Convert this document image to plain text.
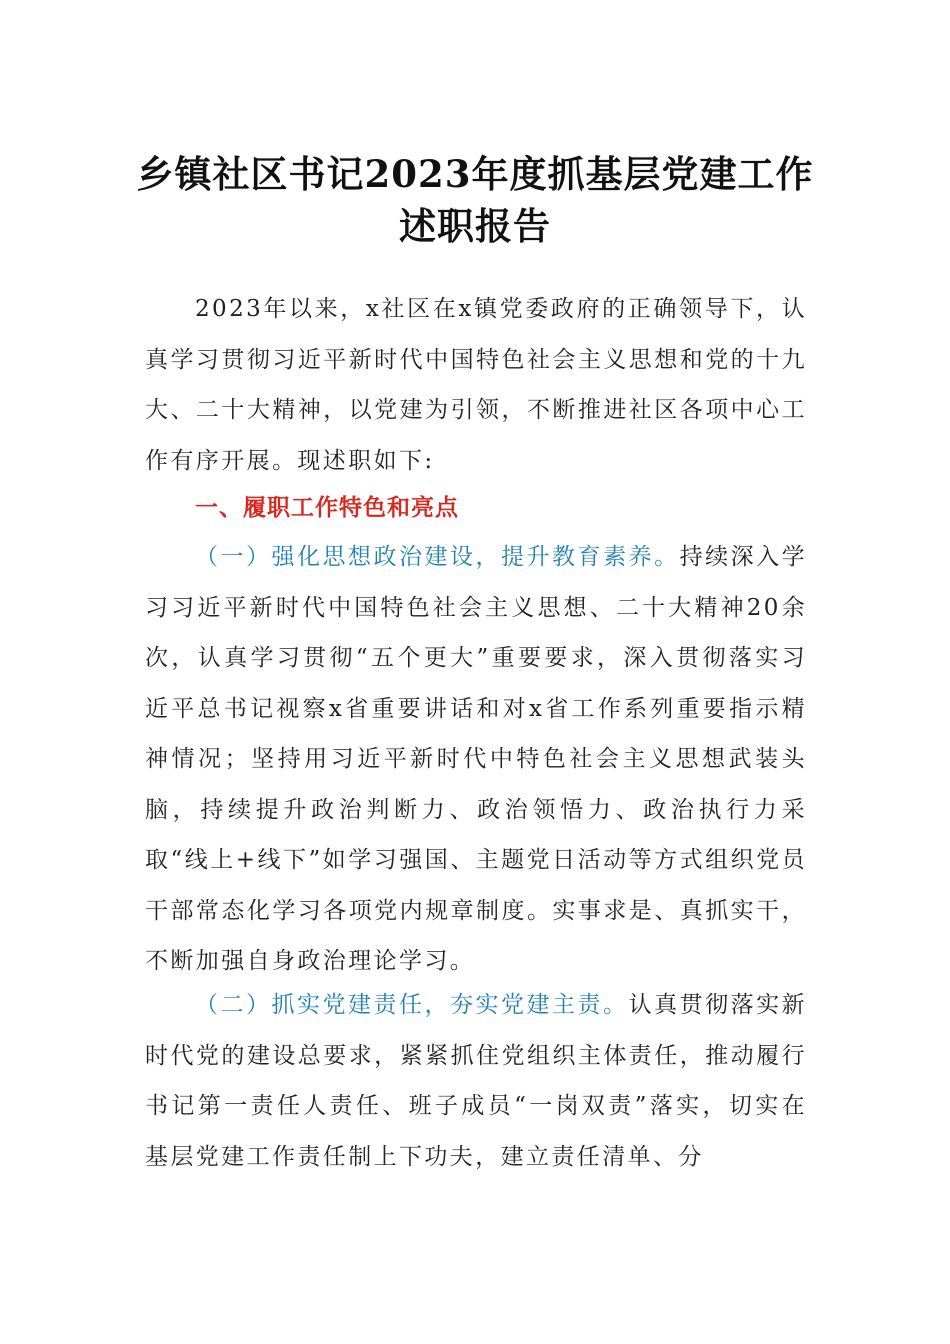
乡镇社区书记2023年度抓基层党建工作述职报告

2023年以来，x社区在x镇党委政府的正确领导下，认真学习贯彻习近平新时代中国特色社会主义思想和党的十九大、二十大精神，以党建为引领，不断推进社区各项中心工作有序开展。现述职如下:

一、履职工作特色和亮点

（一）强化思想政治建设，提升教育素养。持续深入学习习近平新时代中国特色社会主义思想、二十大精神20余次，认真学习贯彻“五个更大”重要要求，深入贯彻落实习近平总书记视察x省重要讲话和对x省工作系列重要指示精神情况；坚持用习近平新时代中特色社会主义思想武装头脑，持续提升政治判断力、政治领悟力、政治执行力采取“线上+线下”如学习强国、主题党日活动等方式组织党员干部常态化学习各项党内规章制度。实事求是、真抓实干，不断加强自身政治理论学习。

（二）抓实党建责任，夯实党建主责。认真贯彻落实新时代党的建设总要求，紧紧抓住党组织主体责任，推动履行书记第一责任人责任、班子成员“一岗双责”落实，切实在基层党建工作责任制上下功夫，建立责任清单、分
